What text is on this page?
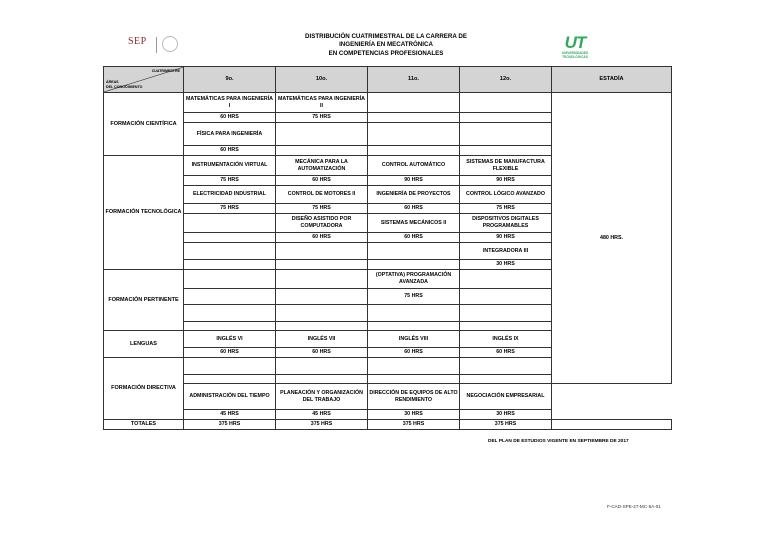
SEP	DISTRIBUCIÓN CUATRIMESTRAL DE LA CARRERA DE
INGENIERÍA EN MECATRÓNICA
EN COMPETENCIAS PROFESIONALES
UT
UNIVERSIDADES TECNOLÓGICAS
CUATRIMESTRE
ÁREAS
DEL CONOCIMIENTO	9o.	10o.	11o.	12o.	ESTADÍA
FORMACIÓN CIENTÍFICA	MATEMÁTICAS PARA INGENIERÍA I	MATEMÁTICAS PARA INGENIERÍA II			480 HRS.
	60 HRS	75 HRS			
	FÍSICA PARA INGENIERÍA				
	60 HRS				
FORMACIÓN TECNOLÓGICA	INSTRUMENTACIÓN VIRTUAL	MECÁNICA PARA LA AUTOMATIZACIÓN	CONTROL AUTOMÁTICO	SISTEMAS DE MANUFACTURA FLEXIBLE	
	75 HRS	60 HRS	90 HRS	90 HRS	
	ELECTRICIDAD INDUSTRIAL	CONTROL DE MOTORES II	INGENIERÍA DE PROYECTOS	CONTROL LÓGICO AVANZADO	
	75 HRS	75 HRS	60 HRS	75 HRS	
		DISEÑO ASISTIDO POR COMPUTADORA	SISTEMAS MECÁNICOS II	DISPOSITIVOS DIGITALES PROGRAMABLES	
		60 HRS	60 HRS	90 HRS	
				INTEGRADORA III	
				30 HRS	
FORMACIÓN PERTINENTE			(OPTATIVA) PROGRAMACIÓN AVANZADA		
			75 HRS		

LENGUAS	INGLÉS VI	INGLÉS VII	INGLÉS VIII	INGLÉS IX	
	60 HRS	60 HRS	60 HRS	60 HRS	
FORMACIÓN DIRECTIVA					

	ADMINISTRACIÓN DEL TIEMPO	PLANEACIÓN Y ORGANIZACIÓN DEL TRABAJO	DIRECCIÓN DE EQUIPOS DE ALTO RENDIMIENTO	NEGOCIACIÓN EMPRESARIAL	
	45 HRS	45 HRS	30 HRS	30 HRS	
TOTALES	375 HRS	375 HRS	375 HRS	375 HRS	
DEL PLAN DE ESTUDIOS VIGENTE EN SEPTIEMBRE DE 2017
F-CAD-SPE-27-MC-5A-01
